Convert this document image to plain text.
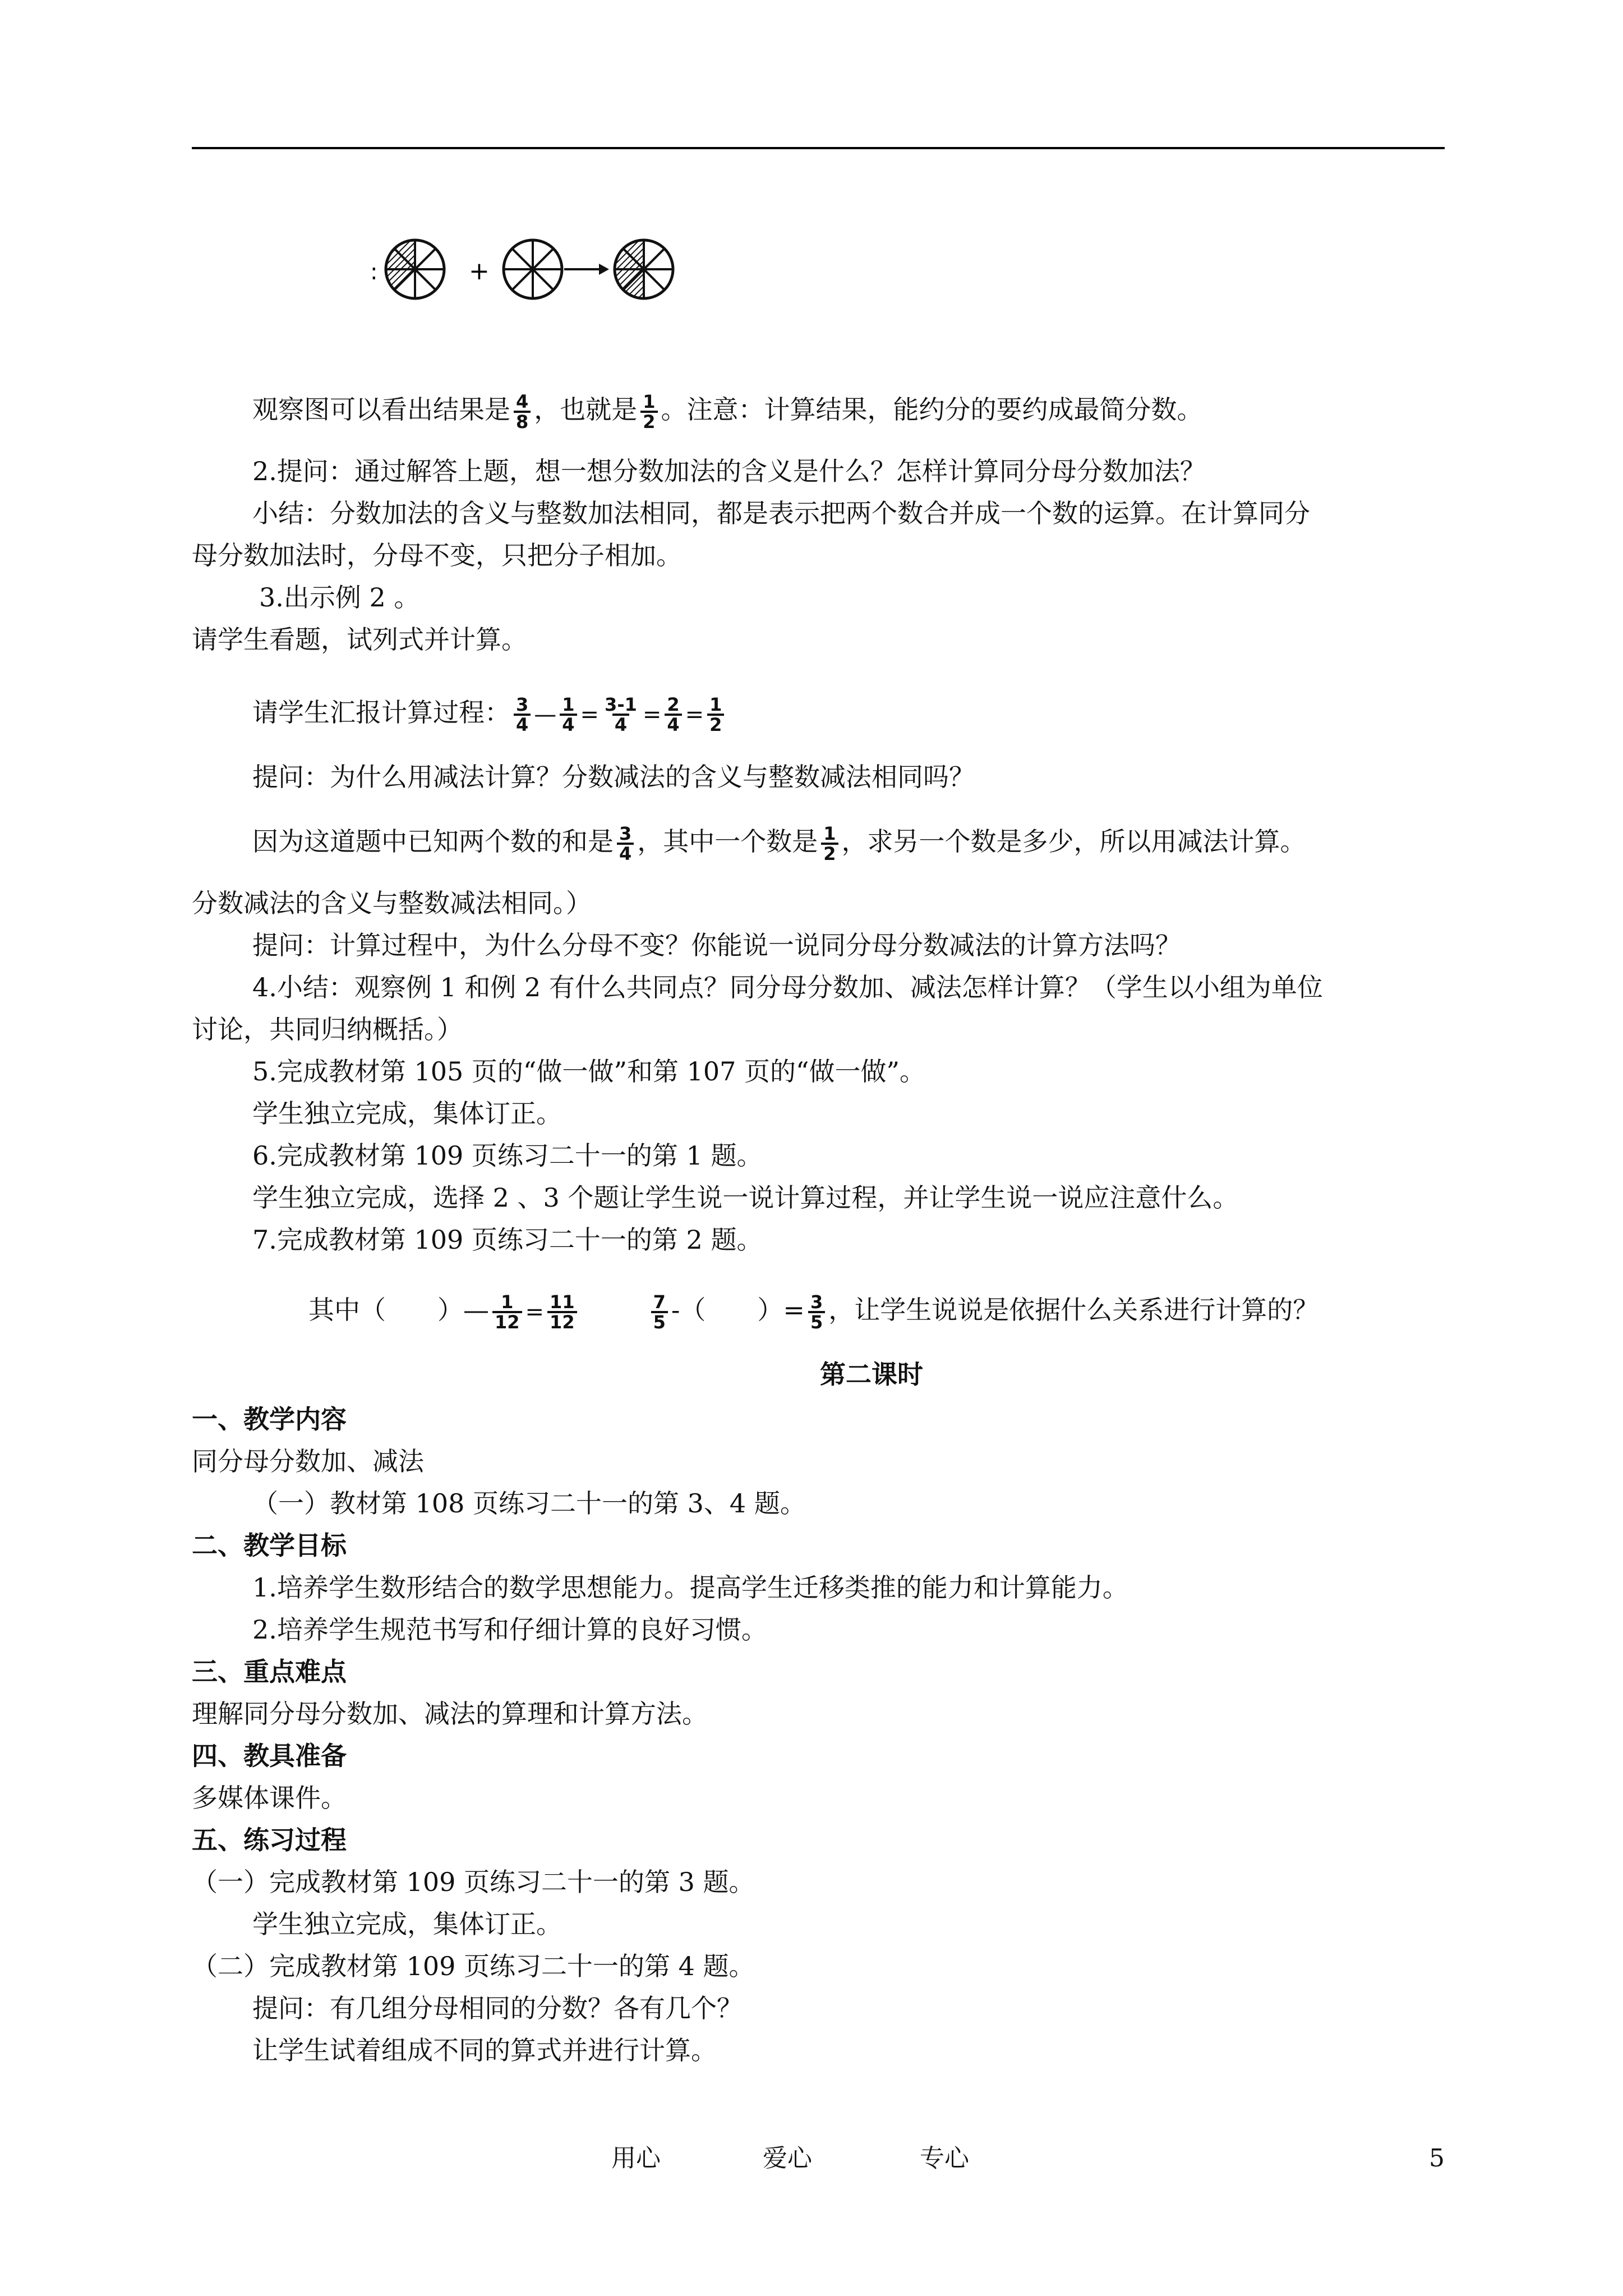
:	+
观察图可以看出结果是 $\frac{4}{8}$ ，也就是 $\frac{1}{2}$ 。注意：计算结果，能约分的要约成最简分数。
2.提问：通过解答上题，想一想分数加法的含义是什么？怎样计算同分母分数加法？
小结：分数加法的含义与整数加法相同，都是表示把两个数合并成一个数的运算。在计算同分
母分数加法时，分母不变，只把分子相加。
3.出示例 2 。
请学生看题，试列式并计算。
请学生汇报计算过程： $\frac{3}{4}$ — $\frac{1}{4} = \frac{3-1}{4} = \frac{2}{4} = \frac{1}{2}$
提问：为什么用减法计算？分数减法的含义与整数减法相同吗？
因为这道题中已知两个数的和是 $\frac{3}{4}$ ，其中一个数是 $\frac{1}{2}$ ，求另一个数是多少，所以用减法计算。
分数减法的含义与整数减法相同。）
提问：计算过程中，为什么分母不变？你能说一说同分母分数减法的计算方法吗？
4.小结：观察例 1 和例 2 有什么共同点？同分母分数加、减法怎样计算？（学生以小组为单位
讨论，共同归纳概括。）
5.完成教材第 105 页的“做一做”和第 107 页的“做一做”。
学生独立完成，集体订正。
6.完成教材第 109 页练习二十一的第 1 题。
学生独立完成，选择 2 、3 个题让学生说一说计算过程，并让学生说一说应注意什么。
7.完成教材第 109 页练习二十一的第 2 题。
其中（　　）— $\frac{1}{12} = \frac{11}{12}$	$\frac{7}{5}$ -（　　）= $\frac{3}{5}$ ，让学生说说是依据什么关系进行计算的？
第二课时
一、教学内容
同分母分数加、减法
（一）教材第 108 页练习二十一的第 3、4 题。
二、教学目标
1.培养学生数形结合的数学思想能力。提高学生迁移类推的能力和计算能力。
2.培养学生规范书写和仔细计算的良好习惯。
三、重点难点
理解同分母分数加、减法的算理和计算方法。
四、教具准备
多媒体课件。
五、练习过程
（一）完成教材第 109 页练习二十一的第 3 题。
学生独立完成，集体订正。
（二）完成教材第 109 页练习二十一的第 4 题。
提问：有几组分母相同的分数？各有几个？
让学生试着组成不同的算式并进行计算。
用心	爱心	专心	5
